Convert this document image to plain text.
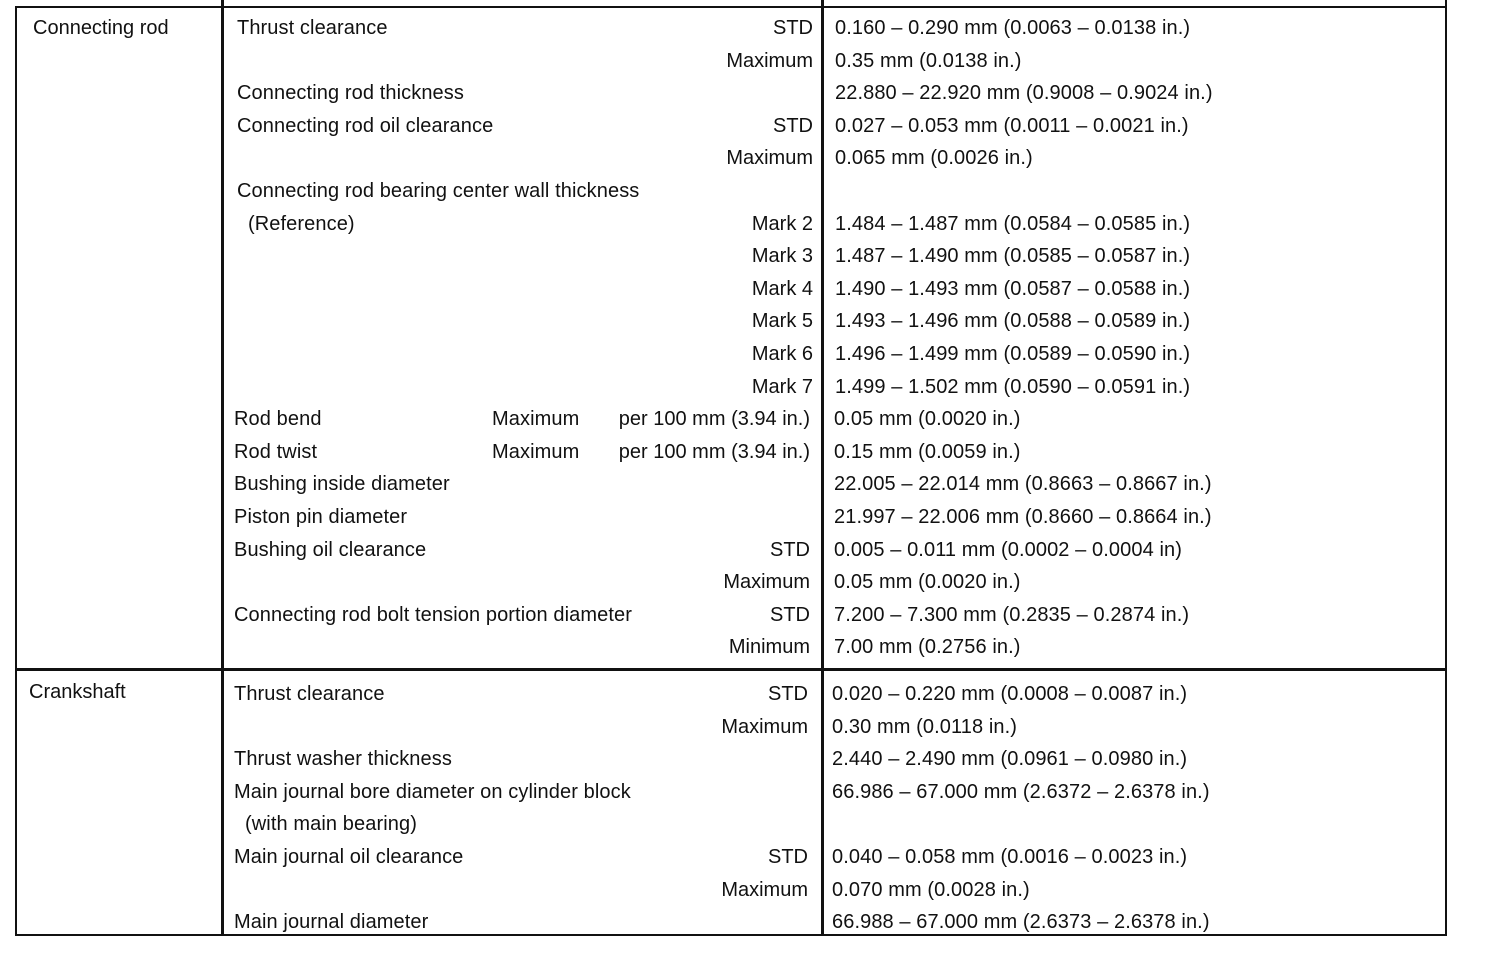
Connecting rod	Thrust clearance	STD 0.160 – 0.290 mm (0.0063 – 0.0138 in.)
Maximum 0.35 mm (0.0138 in.)
Connecting rod thickness	22.880 – 22.920 mm (0.9008 – 0.9024 in.)
Connecting rod oil clearance	STD 0.027 – 0.053 mm (0.0011 – 0.0021 in.)
Maximum 0.065 mm (0.0026 in.)
Connecting rod bearing center wall thickness
(Reference)	Mark 2 1.484 – 1.487 mm (0.0584 – 0.0585 in.)
Mark 3 1.487 – 1.490 mm (0.0585 – 0.0587 in.)
Mark 4 1.490 – 1.493 mm (0.0587 – 0.0588 in.)
Mark 5 1.493 – 1.496 mm (0.0588 – 0.0589 in.)
Mark 6 1.496 – 1.499 mm (0.0589 – 0.0590 in.)
Mark 7 1.499 – 1.502 mm (0.0590 – 0.0591 in.)
Rod bend	Maximum per 100 mm (3.94 in.) 0.05 mm (0.0020 in.)
Rod twist	Maximum per 100 mm (3.94 in.) 0.15 mm (0.0059 in.)
Bushing inside diameter	22.005 – 22.014 mm (0.8663 – 0.8667 in.)
Piston pin diameter	21.997 – 22.006 mm (0.8660 – 0.8664 in.)
Bushing oil clearance	STD 0.005 – 0.011 mm (0.0002 – 0.0004 in)
Maximum 0.05 mm (0.0020 in.)
Connecting rod bolt tension portion diameter	STD 7.200 – 7.300 mm (0.2835 – 0.2874 in.)
Minimum 7.00 mm (0.2756 in.)
Crankshaft	Thrust clearance	STD 0.020 – 0.220 mm (0.0008 – 0.0087 in.)
Maximum 0.30 mm (0.0118 in.)
Thrust washer thickness	2.440 – 2.490 mm (0.0961 – 0.0980 in.)
Main journal bore diameter on cylinder block	66.986 – 67.000 mm (2.6372 – 2.6378 in.)
(with main bearing)
Main journal oil clearance	STD 0.040 – 0.058 mm (0.0016 – 0.0023 in.)
Maximum 0.070 mm (0.0028 in.)
Main journal diameter	66.988 – 67.000 mm (2.6373 – 2.6378 in.)
